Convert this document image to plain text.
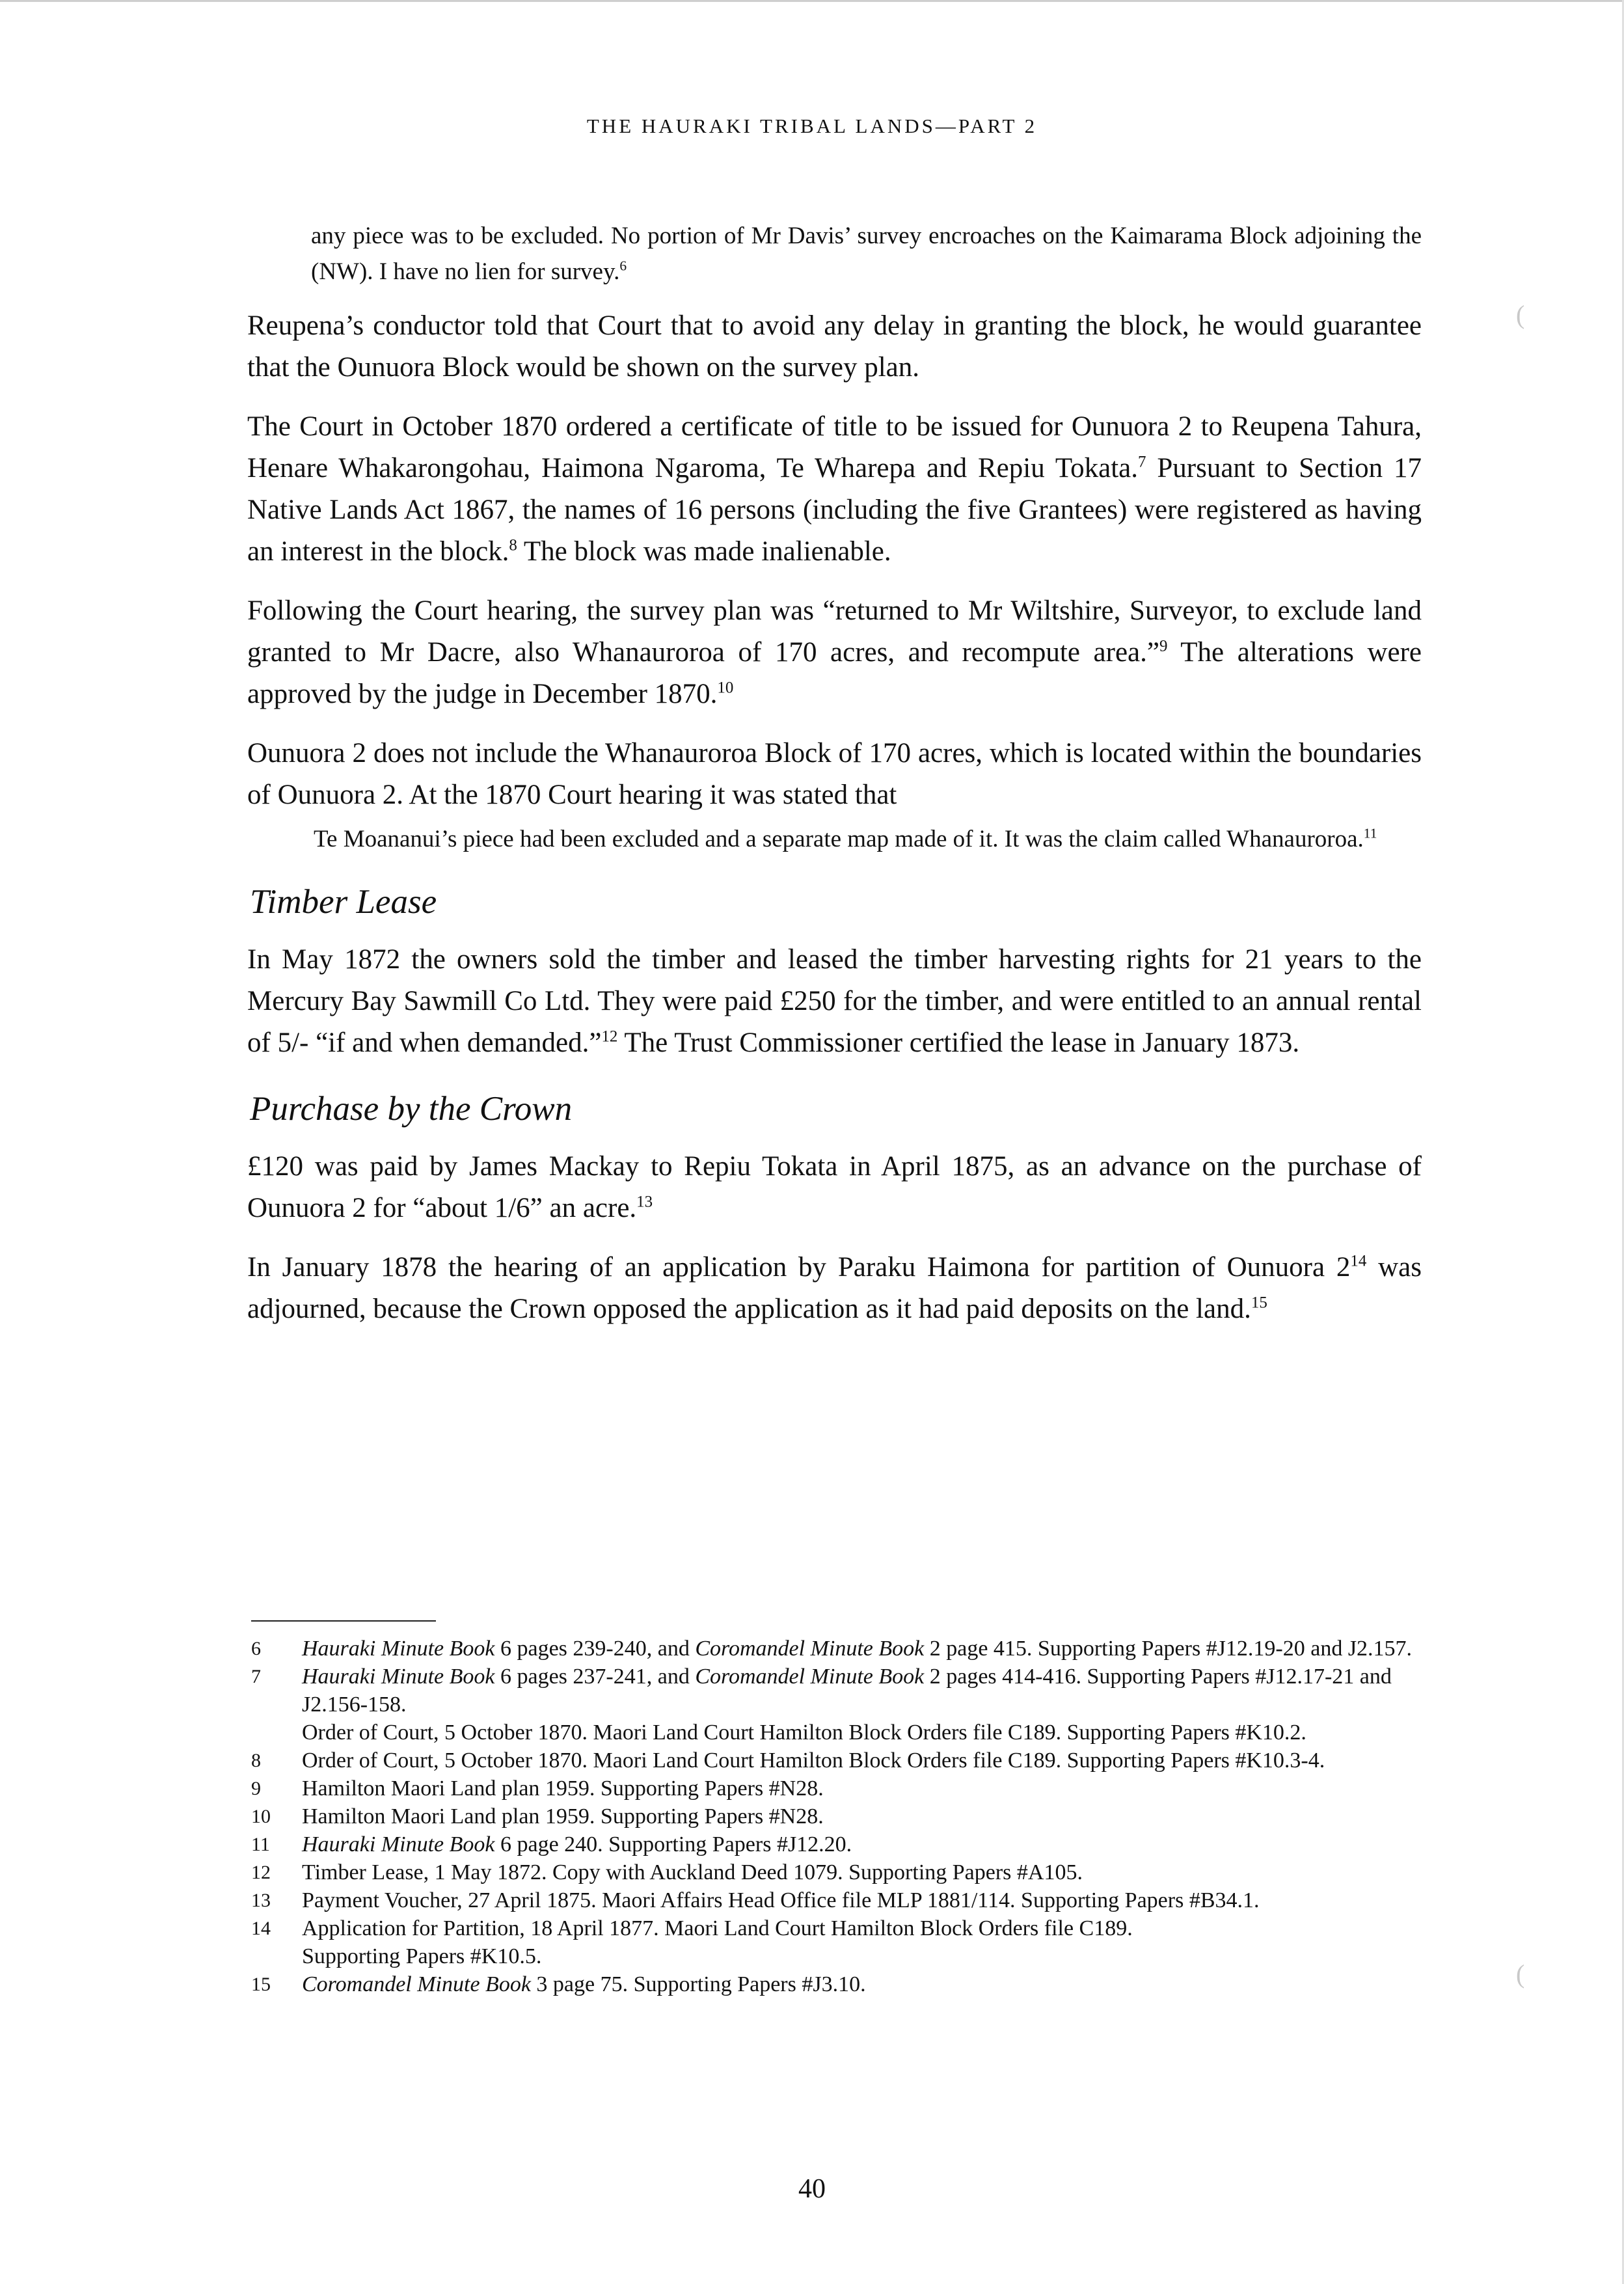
THE HAURAKI TRIBAL LANDS—PART 2

any piece was to be excluded. No portion of Mr Davis’ survey encroaches on the Kaimarama Block adjoining the (NW). I have no lien for survey.$^6$

Reupena’s conductor told that Court that to avoid any delay in granting the block, he would guarantee that the Ounuora Block would be shown on the survey plan.

The Court in October 1870 ordered a certificate of title to be issued for Ounuora 2 to Reupena Tahura, Henare Whakarongohau, Haimona Ngaroma, Te Wharepa and Repiu Tokata.$^7$ Pursuant to Section 17 Native Lands Act 1867, the names of 16 persons (including the five Grantees) were registered as having an interest in the block.$^8$ The block was made inalienable.

Following the Court hearing, the survey plan was “returned to Mr Wiltshire, Surveyor, to exclude land granted to Mr Dacre, also Whanauroroa of 170 acres, and recompute area.”$^9$ The alterations were approved by the judge in December 1870.10

Ounuora 2 does not include the Whanauroroa Block of 170 acres, which is located within the boundaries of Ounuora 2. At the 1870 Court hearing it was stated that

Te Moananui’s piece had been excluded and a separate map made of it. It was the claim called Whanauroroa.$^{11}$

Timber Lease

In May 1872 the owners sold the timber and leased the timber harvesting rights for 21 years to the Mercury Bay Sawmill Co Ltd. They were paid £250 for the timber, and were entitled to an annual rental of 5/- “if and when demanded.”$^{12}$ The Trust Commissioner certified the lease in January 1873.

Purchase by the Crown

£120 was paid by James Mackay to Repiu Tokata in April 1875, as an advance on the purchase of Ounuora 2 for “about 1/6” an acre.$^{13}$

In January 1878 the hearing of an application by Paraku Haimona for partition of Ounuora $2^{14}$ was adjourned, because the Crown opposed the application as it had paid deposits on the land.$^{15}$

6	Hauraki Minute Book 6 pages 239-240, and Coromandel Minute Book 2 page 415. Supporting Papers #J12.19-20 and J2.157.
7	Hauraki Minute Book 6 pages 237-241, and Coromandel Minute Book 2 pages 414-416. Supporting Papers #J12.17-21 and J2.156-158.
Order of Court, 5 October 1870. Maori Land Court Hamilton Block Orders file C189. Supporting Papers #K10.2.
8	Order of Court, 5 October 1870. Maori Land Court Hamilton Block Orders file C189. Supporting Papers #K10.3-4.
9	Hamilton Maori Land plan 1959. Supporting Papers #N28.
10	Hamilton Maori Land plan 1959. Supporting Papers #N28.
11	Hauraki Minute Book 6 page 240. Supporting Papers #J12.20.
12	Timber Lease, 1 May 1872. Copy with Auckland Deed 1079. Supporting Papers #A105.
13	Payment Voucher, 27 April 1875. Maori Affairs Head Office file MLP 1881/114. Supporting Papers #B34.1.
14	Application for Partition, 18 April 1877. Maori Land Court Hamilton Block Orders file C189.
Supporting Papers #K10.5.
15	Coromandel Minute Book 3 page 75. Supporting Papers #J3.10.
40
(
(
